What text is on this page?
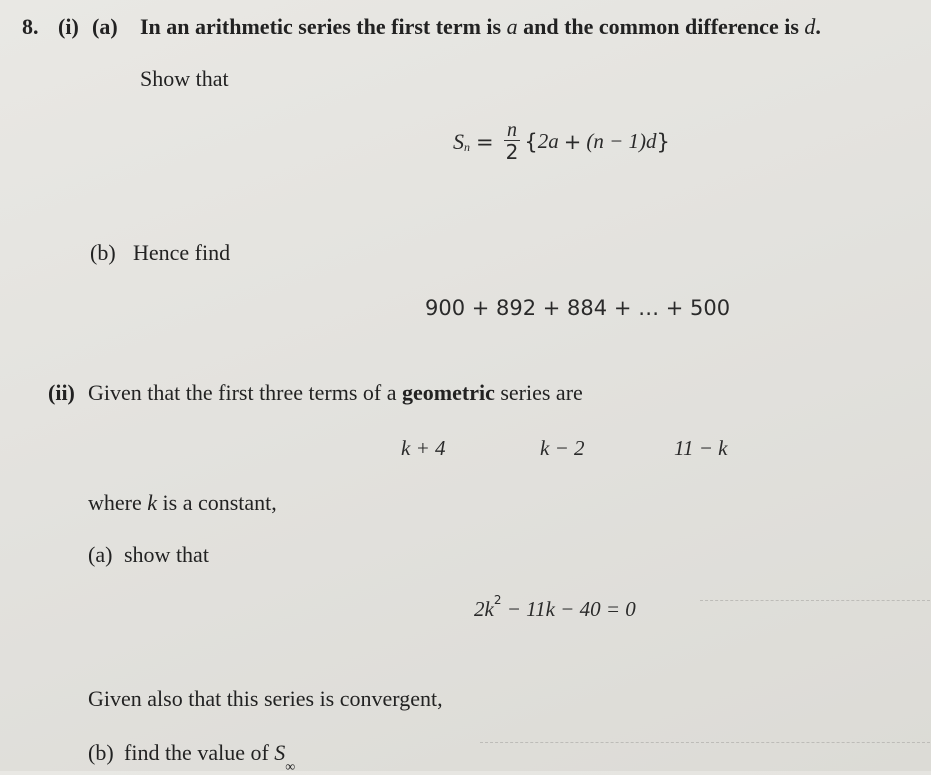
8. (i) (a) In an arithmetic series the first term is a and the common difference is d.
Show that
$S_n = \frac{n}{2}$ { 2a + (n − 1) d }
(b) Hence find
900 + 892 + 884 + … + 500
(ii) Given that the first three terms of a geometric series are
k + 4	k − 2	11 − k
where k is a constant,
(a) show that
$2k^2 - 11k - 40 = 0$
Given also that this series is convergent,
(b) find the value of $S_\infty$
